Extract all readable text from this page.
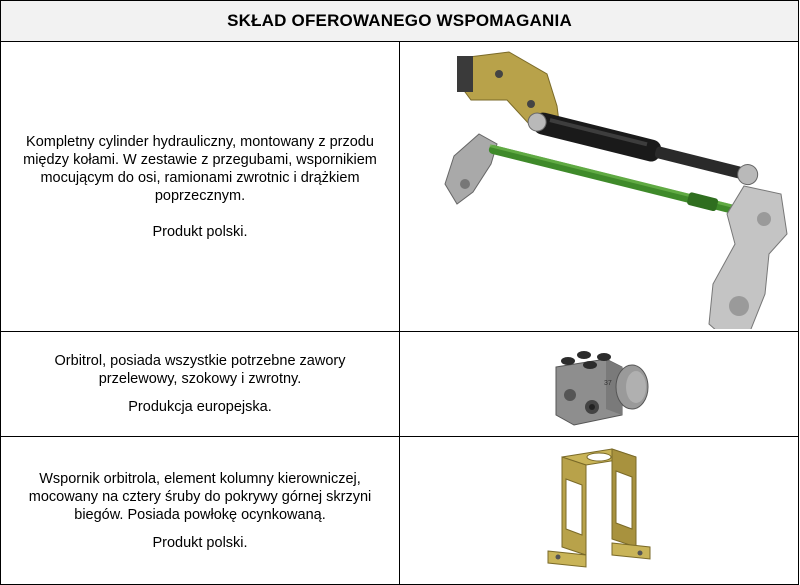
SKŁAD OFEROWANEGO WSPOMAGANIA	

Kompletny cylinder hydrauliczny, montowany z przodu między kołami. W zestawie z przegubami, wspornikiem mocującym do osi, ramionami zwrotnic i drążkiem poprzecznym.

Produkt polski.

Orbitrol, posiada wszystkie potrzebne zawory przelewowy, szokowy i zwrotny.

Produkcja europejska.	37

Wspornik orbitrola, element kolumny kierowniczej, mocowany na cztery śruby do pokrywy górnej skrzyni biegów. Posiada powłokę ocynkowaną.

Produkt polski.
